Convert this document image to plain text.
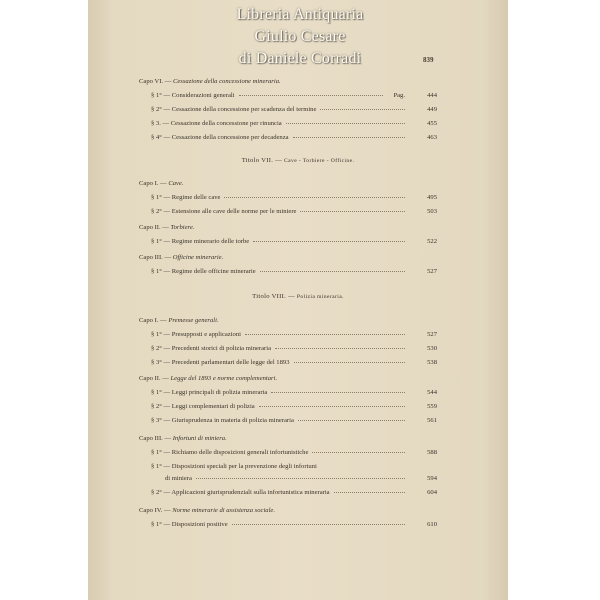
Libreria Antiquaria
Giulio Cesare
di Daniele Corradi	839
Capo VI. —
Cessazione della concessione mineraria.
§ 1° — Considerazioni generali	Pag.	444
§ 2° — Cessazione della concessione per scadenza del termine	449
§ 3. — Cessazione della concessione per rinuncia	455
§ 4° — Cessazione della concessione per decadenza	463
Titolo VII. — Cave - Torbiere - Officine.
Capo I. —
Cave.
§ 1° — Regime delle cave	495
§ 2° — Estensione alle cave delle norme per le miniere	503
Capo II. —
Torbiere.
§ 1° — Regime minerario delle torbe	522
Capo III. —
Officine minerarie.
§ 1° — Regime delle officine minerarie	527
Titolo VIII. — Polizia mineraria.
Capo I. —
Premesse generali.
§ 1° — Presupposti e applicazioni	527
§ 2° — Precedenti storici di polizia mineraria	530
§ 3° — Precedenti parlamentari delle legge del 1893	538
Capo II. —
Legge del 1893 e norme complementari.
§ 1° — Leggi principali di polizia mineraria	544
§ 2° — Leggi complementari di polizia	559
§ 3° — Giurisprudenza in materia di polizia mineraria	561
Capo III. —
Infortuni di miniera.
§ 1° — Richiamo delle disposizioni generali infortunistiche	588
§ 1° — Disposizioni speciali per la prevenzione degli infortuni
di miniera	594
§ 2° — Applicazioni giurisprudenziali sulla infortunistica mineraria	604
Capo IV. —
Norme minerarie di assistenza sociale.
§ 1° — Disposizioni positive	610
